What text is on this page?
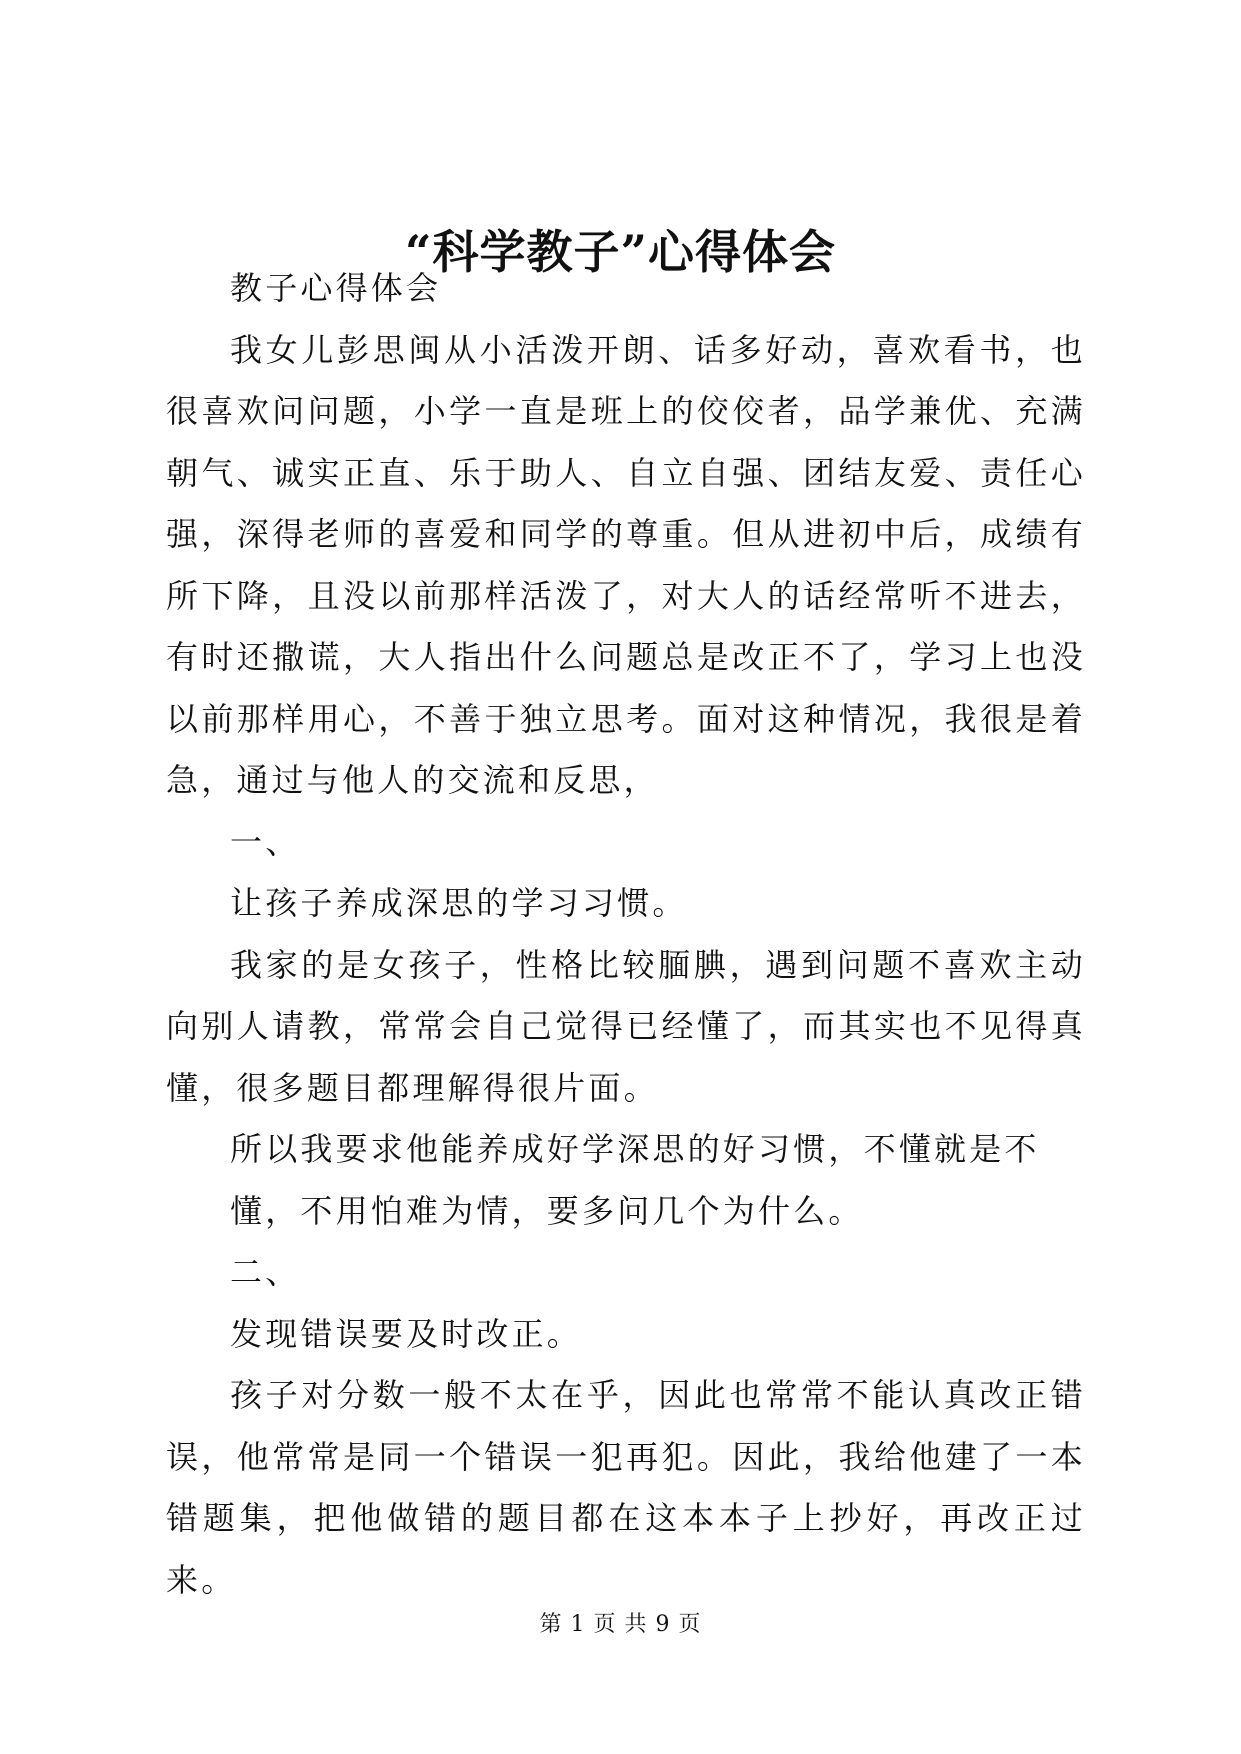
“科学教子”心得体会

教子心得体会

我女儿彭思闽从小活泼开朗、话多好动，喜欢看书，也很喜欢问问题，小学一直是班上的佼佼者，品学兼优、充满朝气、诚实正直、乐于助人、自立自强、团结友爱、责任心强，深得老师的喜爱和同学的尊重。但从进初中后，成绩有所下降，且没以前那样活泼了，对大人的话经常听不进去，有时还撒谎，大人指出什么问题总是改正不了，学习上也没以前那样用心，不善于独立思考。面对这种情况，我很是着急，通过与他人的交流和反思，

一、

让孩子养成深思的学习习惯。

我家的是女孩子，性格比较腼腆，遇到问题不喜欢主动向别人请教，常常会自己觉得已经懂了，而其实也不见得真懂，很多题目都理解得很片面。

所以我要求他能养成好学深思的好习惯，不懂就是不

懂，不用怕难为情，要多问几个为什么。

二、

发现错误要及时改正。

孩子对分数一般不太在乎，因此也常常不能认真改正错误，他常常是同一个错误一犯再犯。因此，我给他建了一本错题集，把他做错的题目都在这本本子上抄好，再改正过来。

第 1 页 共 9 页
